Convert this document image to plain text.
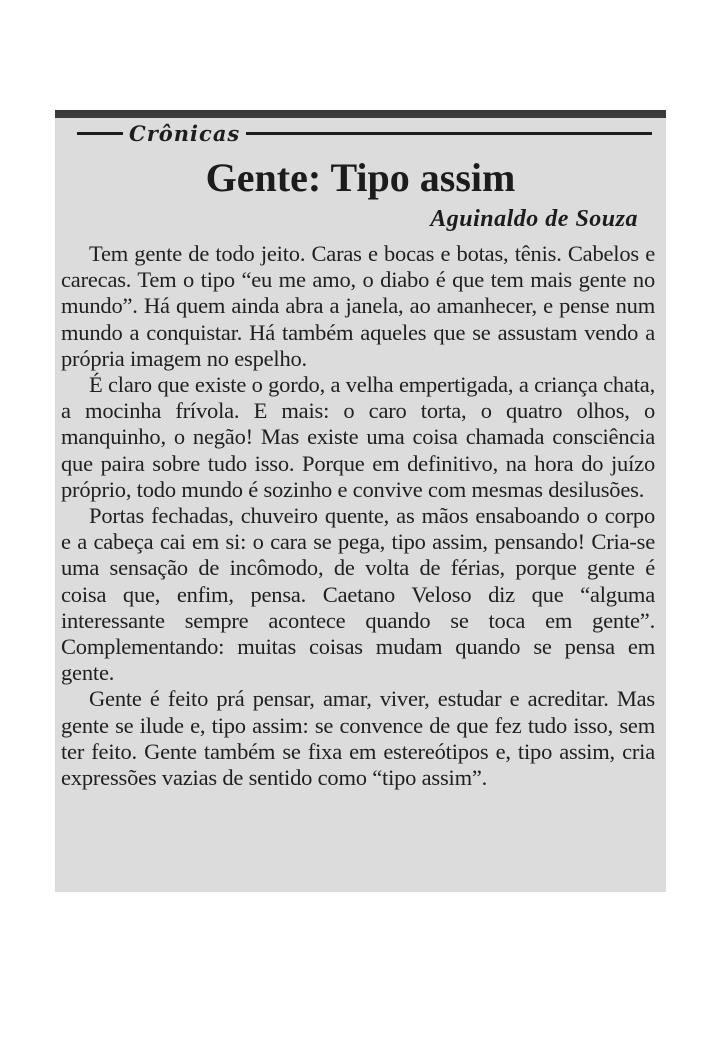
Crônicas
Gente: Tipo assim
Aguinaldo de Souza

Tem gente de todo jeito. Caras e bocas e botas, tênis. Cabelos e carecas. Tem o tipo “eu me amo, o diabo é que tem mais gente no mundo”. Há quem ainda abra a janela, ao amanhecer, e pense num mundo a conquistar. Há também aqueles que se assustam vendo a própria imagem no espelho.

É claro que existe o gordo, a velha empertigada, a criança chata, a mocinha frívola. E mais: o caro torta, o quatro olhos, o manquinho, o negão! Mas existe uma coisa chamada consciência que paira sobre tudo isso. Porque em definitivo, na hora do juízo próprio, todo mundo é sozinho e convive com mesmas desilusões.

Portas fechadas, chuveiro quente, as mãos ensaboando o corpo e a cabeça cai em si: o cara se pega, tipo assim, pensando! Cria-se uma sensação de incômodo, de volta de férias, porque gente é coisa que, enfim, pensa. Caetano Veloso diz que “alguma interessante sempre acontece quando se toca em gente”. Complementando: muitas coisas mudam quando se pensa em gente.

Gente é feito prá pensar, amar, viver, estudar e acreditar. Mas gente se ilude e, tipo assim: se convence de que fez tudo isso, sem ter feito. Gente também se fixa em estereótipos e, tipo assim, cria expressões vazias de sentido como “tipo assim”.
